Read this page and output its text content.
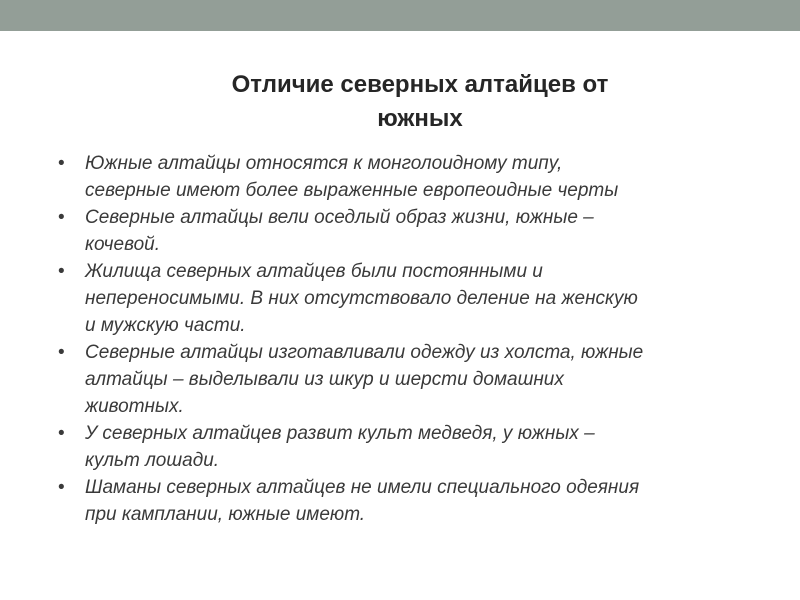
Отличие северных алтайцев от
южных
• Южные алтайцы относятся к монголоидному типу,

северные имеют более выраженные европеоидные черты

• Северные алтайцы вели оседлый образ жизни, южные –

кочевой.

• Жилища северных алтайцев были постоянными и

непереносимыми. В них отсутствовало деление на женскую

и мужскую части.

• Северные алтайцы изготавливали одежду из холста, южные

алтайцы – выделывали из шкур и шерсти домашних

животных.

• У северных алтайцев развит культ медведя, у южных –

культ лошади.

• Шаманы северных алтайцев не имели специального одеяния

при камплании, южные имеют.
